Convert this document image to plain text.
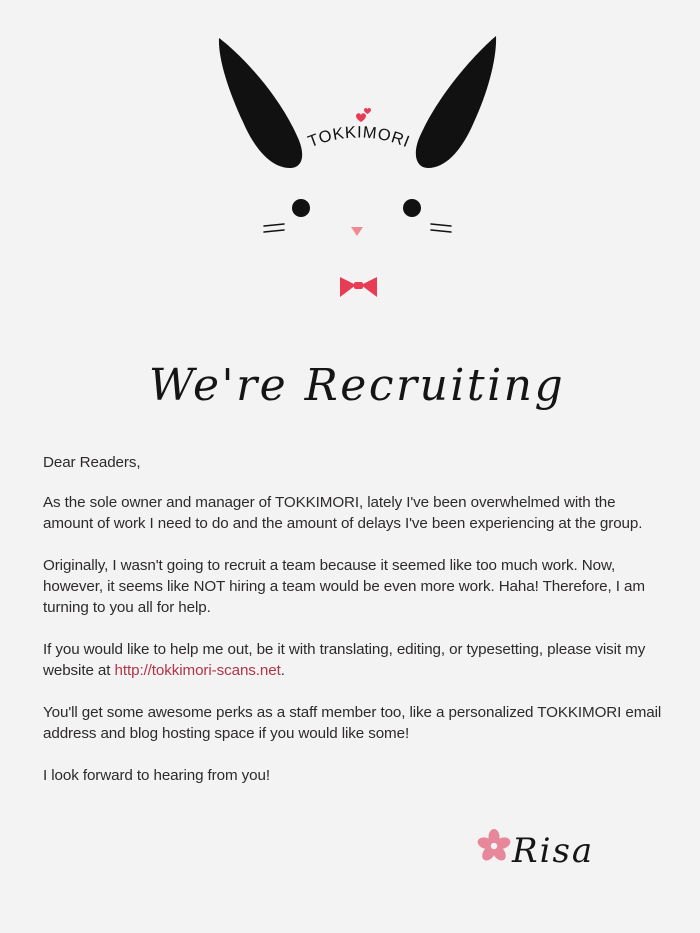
TOKKIMORI
We're Recruiting

Dear Readers,

As the sole owner and manager of TOKKIMORI, lately I've been overwhelmed with the amount of work I need to do and the amount of delays I've been experiencing at the group.

Originally, I wasn't going to recruit a team because it seemed like too much work. Now, however, it seems like NOT hiring a team would be even more work. Haha! Therefore, I am turning to you all for help.

If you would like to help me out, be it with translating, editing, or typesetting, please visit my website at http://tokkimori-scans.net.

You'll get some awesome perks as a staff member too, like a personalized TOKKIMORI email address and blog hosting space if you would like some!

I look forward to hearing from you!

Risa
·
